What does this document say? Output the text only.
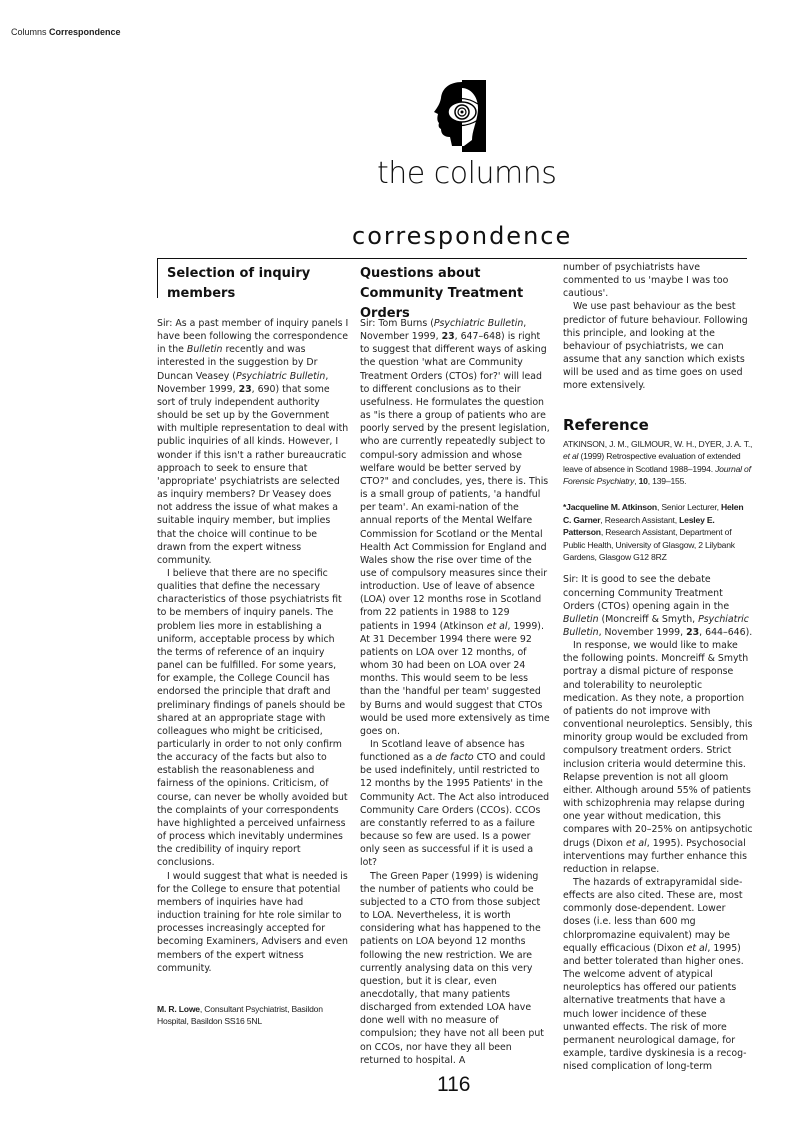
Columns Correspondence
the columns
correspondence
Selection of inquiry members
Questions about Community Treatment Orders

Sir: As a past member of inquiry panels I have been following the correspondence in the Bulletin recently and was interested in the suggestion by Dr Duncan Veasey (Psychiatric Bulletin, November 1999, 23, 690) that some sort of truly independent authority should be set up by the Government with multiple representation to deal with public inquiries of all kinds. However, I wonder if this isn't a rather bureaucratic approach to seek to ensure that 'appropriate' psychiatrists are selected as inquiry members? Dr Veasey does not address the issue of what makes a suitable inquiry member, but implies that the choice will continue to be drawn from the expert witness community.

I believe that there are no specific qualities that define the necessary characteristics of those psychiatrists fit to be members of inquiry panels. The problem lies more in establishing a uniform, acceptable process by which the terms of reference of an inquiry panel can be fulfilled. For some years, for example, the College Council has endorsed the principle that draft and preliminary findings of panels should be shared at an appropriate stage with colleagues who might be criticised, particularly in order to not only confirm the accuracy of the facts but also to establish the reasonableness and fairness of the opinions. Criticism, of course, can never be wholly avoided but the complaints of your correspondents have highlighted a perceived unfairness of process which inevitably undermines the credibility of inquiry report conclusions.

I would suggest that what is needed is for the College to ensure that potential members of inquiries have had induction training for hte role similar to processes increasingly accepted for becoming Examiners, Advisers and even members of the expert witness community.

M. R. Lowe, Consultant Psychiatrist, Basildon Hospital, Basildon SS16 5NL

Sir: Tom Burns (Psychiatric Bulletin, November 1999, 23, 647–648) is right to suggest that different ways of asking the question 'what are Community Treatment Orders (CTOs) for?' will lead to different conclusions as to their usefulness. He formulates the question as "is there a group of patients who are poorly served by the present legislation, who are currently repeatedly subject to compul-sory admission and whose welfare would be better served by CTO?" and concludes, yes, there is. This is a small group of patients, 'a handful per team'. An exami-nation of the annual reports of the Mental Welfare Commission for Scotland or the Mental Health Act Commission for England and Wales show the rise over time of the use of compulsory measures since their introduction. Use of leave of absence (LOA) over 12 months rose in Scotland from 22 patients in 1988 to 129 patients in 1994 (Atkinson et al, 1999). At 31 December 1994 there were 92 patients on LOA over 12 months, of whom 30 had been on LOA over 24 months. This would seem to be less than the 'handful per team' suggested by Burns and would suggest that CTOs would be used more extensively as time goes on.

In Scotland leave of absence has functioned as a de facto CTO and could be used indefinitely, until restricted to 12 months by the 1995 Patients' in the Community Act. The Act also introduced Community Care Orders (CCOs). CCOs are constantly referred to as a failure because so few are used. Is a power only seen as successful if it is used a lot?

The Green Paper (1999) is widening the number of patients who could be subjected to a CTO from those subject to LOA. Nevertheless, it is worth considering what has happened to the patients on LOA beyond 12 months following the new restriction. We are currently analysing data on this very question, but it is clear, even anecdotally, that many patients discharged from extended LOA have done well with no measure of compulsion; they have not all been put on CCOs, nor have they all been returned to hospital. A

number of psychiatrists have commented to us 'maybe I was too cautious'.

We use past behaviour as the best predictor of future behaviour. Following this principle, and looking at the behaviour of psychiatrists, we can assume that any sanction which exists will be used and as time goes on used more extensively.

Reference
ATKINSON, J. M., GILMOUR, W. H., DYER, J. A. T., et al (1999) Retrospective evaluation of extended leave of absence in Scotland 1988–1994. Journal of Forensic Psychiatry, 10, 139–155.
*Jacqueline M. Atkinson, Senior Lecturer, Helen C. Garner, Research Assistant, Lesley E. Patterson, Research Assistant, Department of Public Health, University of Glasgow, 2 Lilybank Gardens, Glasgow G12 8RZ

Sir: It is good to see the debate concerning Community Treatment Orders (CTOs) opening again in the Bulletin (Moncreiff & Smyth, Psychiatric Bulletin, November 1999, 23, 644–646).

In response, we would like to make the following points. Moncreiff & Smyth portray a dismal picture of response and tolerability to neuroleptic medication. As they note, a proportion of patients do not improve with conventional neuroleptics. Sensibly, this minority group would be excluded from compulsory treatment orders. Strict inclusion criteria would determine this. Relapse prevention is not all gloom either. Although around 55% of patients with schizophrenia may relapse during one year without medication, this compares with 20–25% on antipsychotic drugs (Dixon et al, 1995). Psychosocial interventions may further enhance this reduction in relapse.

The hazards of extrapyramidal side-effects are also cited. These are, most commonly dose-dependent. Lower doses (i.e. less than 600 mg chlorpromazine equivalent) may be equally efficacious (Dixon et al, 1995) and better tolerated than higher ones. The welcome advent of atypical neuroleptics has offered our patients alternative treatments that have a much lower incidence of these unwanted effects. The risk of more permanent neurological damage, for example, tardive dyskinesia is a recog-nised complication of long-term

116
